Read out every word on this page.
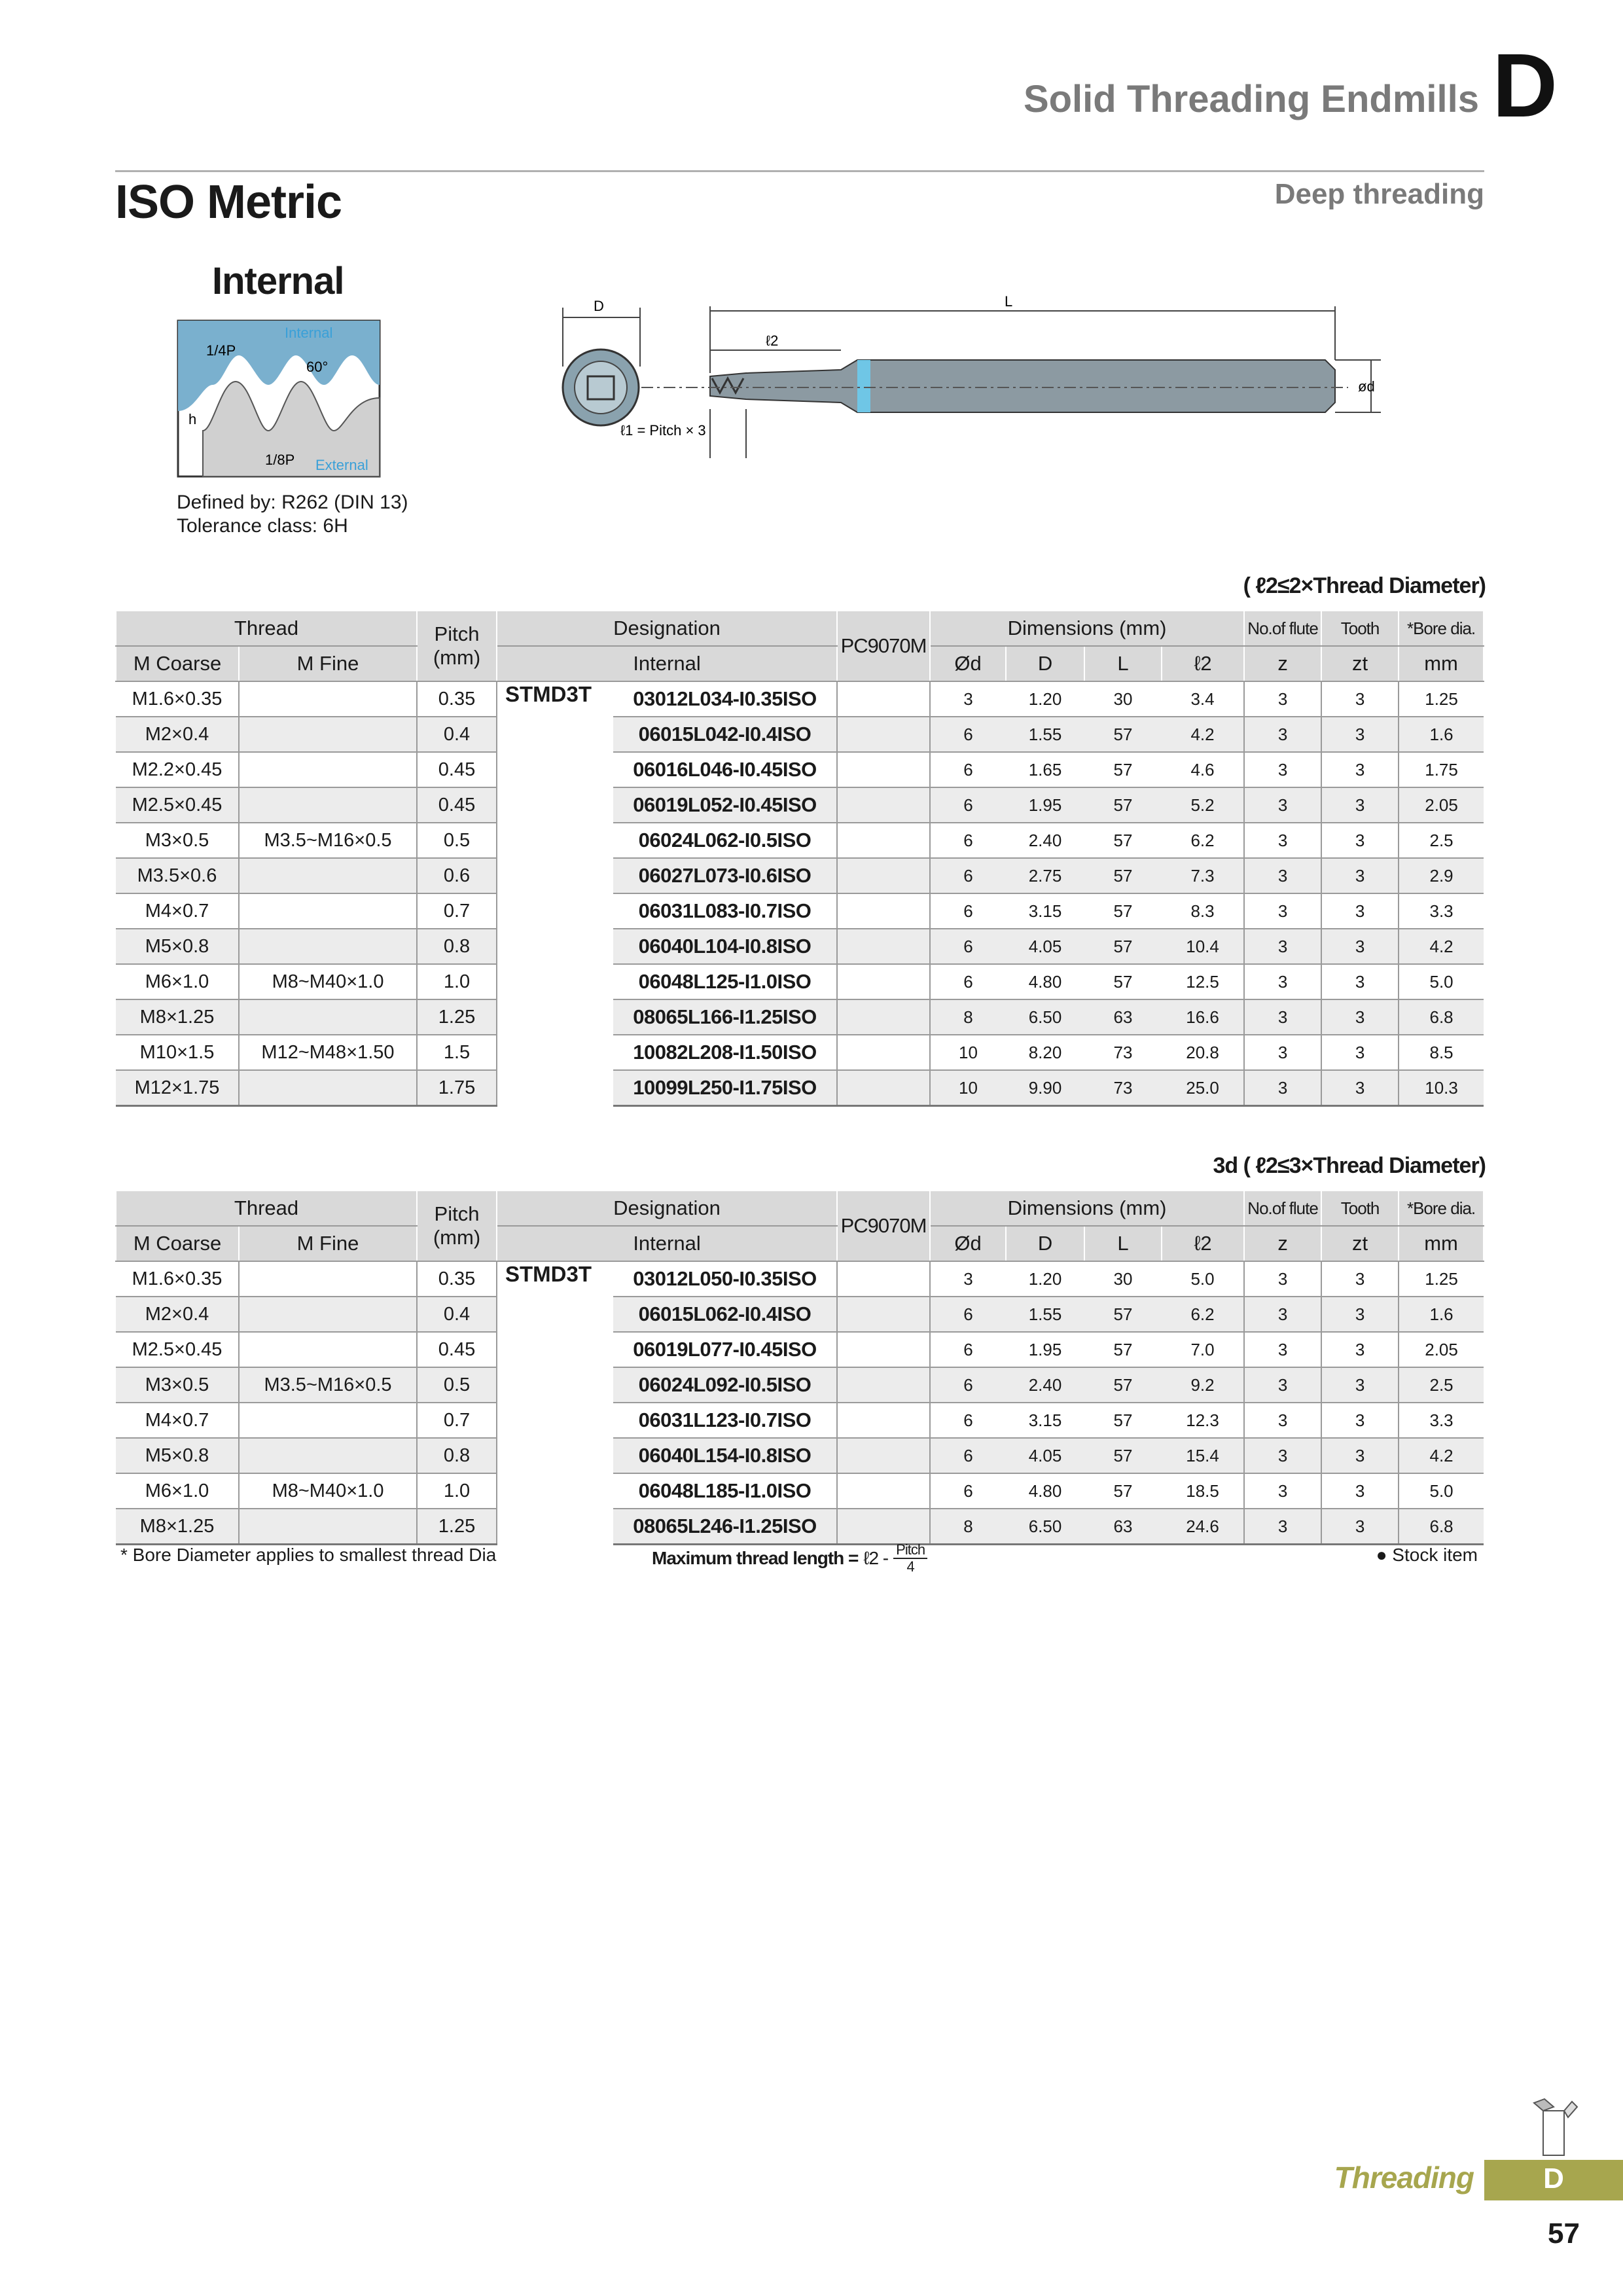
Solid Threading Endmills D
ISO Metric	Deep threading
Internal
Internal
1/4P
60°
h
1/8P External
D	L
ℓ2
ød
ℓ1 = Pitch × 3
Defined by: R262 (DIN 13)
Tolerance class: 6H
( ℓ2≤2×Thread Diameter)
Thread		Pitch
(mm)	Designation		PC9070M	Dimensions (mm)				No.of flute	Tooth	*Bore dia.
M Coarse	M Fine		Internal			Ød	D	L	ℓ2	z	zt	mm
M1.6×0.35		0.35	STMD3T	03012L034-I0.35ISO		3	1.20	30	3.4	3	3	1.25
M2×0.4		0.4		06015L042-I0.4ISO		6	1.55	57	4.2	3	3	1.6
M2.2×0.45		0.45		06016L046-I0.45ISO		6	1.65	57	4.6	3	3	1.75
M2.5×0.45		0.45		06019L052-I0.45ISO		6	1.95	57	5.2	3	3	2.05
M3×0.5	M3.5~M16×0.5	0.5		06024L062-I0.5ISO		6	2.40	57	6.2	3	3	2.5
M3.5×0.6		0.6		06027L073-I0.6ISO		6	2.75	57	7.3	3	3	2.9
M4×0.7		0.7		06031L083-I0.7ISO		6	3.15	57	8.3	3	3	3.3
M5×0.8		0.8		06040L104-I0.8ISO		6	4.05	57	10.4	3	3	4.2
M6×1.0	M8~M40×1.0	1.0		06048L125-I1.0ISO		6	4.80	57	12.5	3	3	5.0
M8×1.25		1.25		08065L166-I1.25ISO		8	6.50	63	16.6	3	3	6.8
M10×1.5	M12~M48×1.50	1.5		10082L208-I1.50ISO		10	8.20	73	20.8	3	3	8.5
M12×1.75		1.75		10099L250-I1.75ISO		10	9.90	73	25.0	3	3	10.3
3d ( ℓ2≤3×Thread Diameter)
Thread		Pitch
(mm)	Designation		PC9070M	Dimensions (mm)				No.of flute	Tooth	*Bore dia.
M Coarse	M Fine		Internal			Ød	D	L	ℓ2	z	zt	mm
M1.6×0.35		0.35	STMD3T	03012L050-I0.35ISO		3	1.20	30	5.0	3	3	1.25
M2×0.4		0.4		06015L062-I0.4ISO		6	1.55	57	6.2	3	3	1.6
M2.5×0.45		0.45		06019L077-I0.45ISO		6	1.95	57	7.0	3	3	2.05
M3×0.5	M3.5~M16×0.5	0.5		06024L092-I0.5ISO		6	2.40	57	9.2	3	3	2.5
M4×0.7		0.7		06031L123-I0.7ISO		6	3.15	57	12.3	3	3	3.3
M5×0.8		0.8		06040L154-I0.8ISO		6	4.05	57	15.4	3	3	4.2
M6×1.0	M8~M40×1.0	1.0		06048L185-I1.0ISO		6	4.80	57	18.5	3	3	5.0
M8×1.25		1.25		08065L246-I1.25ISO		8	6.50	63	24.6	3	3	6.8
* Bore Diameter applies to smallest thread Dia	Maximum thread length = ℓ2 - Pitch
4
● Stock item
Threading	D
57
